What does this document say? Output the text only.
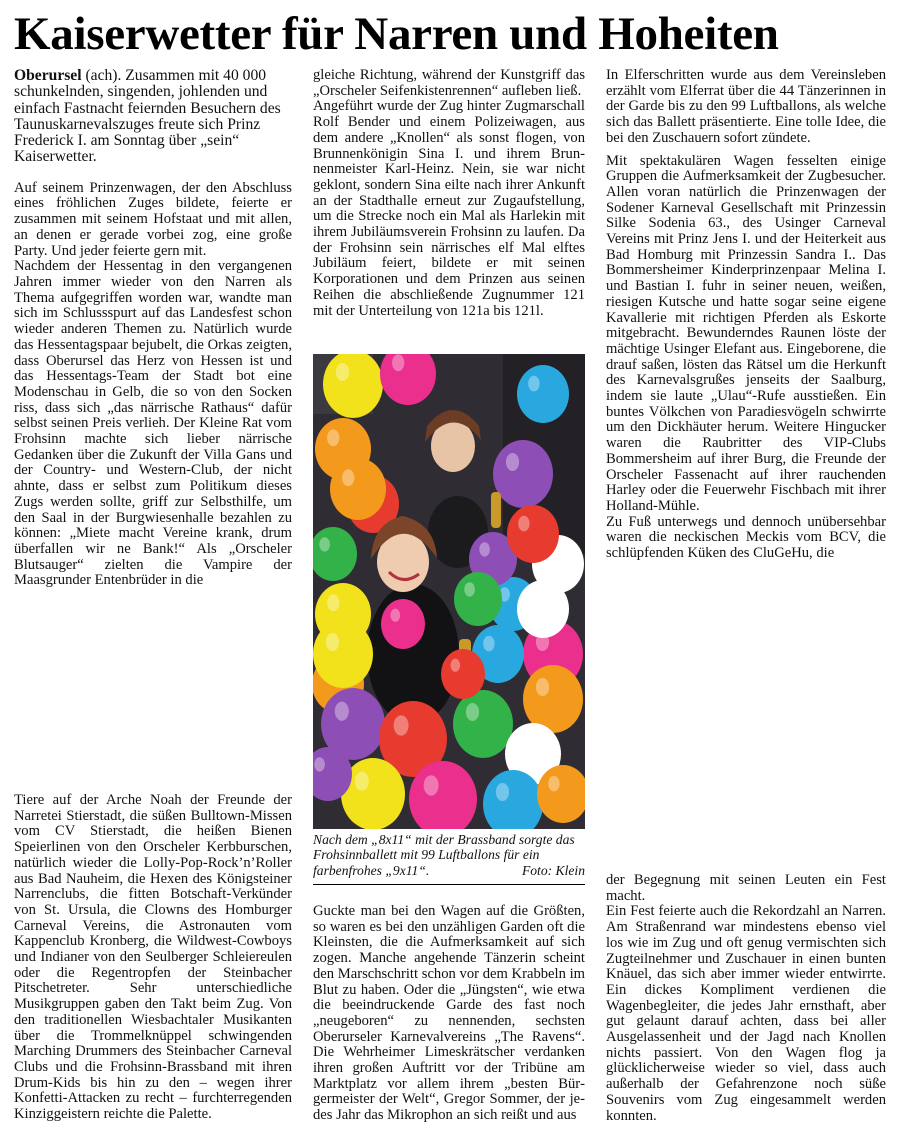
Kaiserwetter für Narren und Hoheiten

Oberursel (ach). Zusammen mit 40 000 schunkelnden, singenden, johlenden und einfach Fastnacht feiernden Besuchern des Taunuskarnevalszuges freute sich Prinz Frederick I. am Sonntag über „sein“ Kaiserwetter.

Auf seinem Prinzenwagen, der den Abschluss eines fröhlichen Zuges bildete, feierte er zusammen mit seinem Hofstaat und mit allen, an denen er gerade vorbei zog, eine große Party. Und jeder feierte gern mit.

Nachdem der Hessentag in den vergangenen Jahren immer wieder von den Narren als Thema aufgegriffen worden war, wandte man sich im Schlussspurt auf das Landesfest schon wieder anderen Themen zu. Natürlich wurde das Hessentagspaar bejubelt, die Orkas zeigten, dass Oberursel das Herz von Hessen ist und das Hessentags-Team der Stadt bot eine Modenschau in Gelb, die so von den Socken riss, dass sich „das närrische Rathaus“ dafür selbst seinen Preis verlieh. Der Kleine Rat vom Frohsinn machte sich lieber närrische Gedanken über die Zukunft der Villa Gans und der Country- und Western-Club, der nicht ahnte, dass er selbst zum Politikum dieses Zugs werden sollte, griff zur Selbsthilfe, um den Saal in der Burgwiesenhalle bezahlen zu können: „Miete macht Vereine krank, drum überfallen wir ne Bank!“ Als „Orscheler Blutsauger“ zielten die Vampire der Maasgrunder Entenbrüder in die

gleiche Richtung, während der Kunstgriff das „Orscheler Seifenkistenrennen“ aufleben ließ.

Angeführt wurde der Zug hinter Zugmarschall Rolf Bender und einem Polizeiwagen, aus dem andere „Knollen“ als sonst flogen, von Brunnenkönigin Sina I. und ihrem Brunnenmeister Karl-Heinz. Nein, sie war nicht geklont, sondern Sina eilte nach ihrer Ankunft an der Stadthalle erneut zur Zugaufstellung, um die Strecke noch ein Mal als Harlekin mit ihrem Jubiläumsverein Frohsinn zu laufen. Da der Frohsinn sein närrisches elf Mal elftes Jubiläum feiert, bildete er mit seinen Korporationen und dem Prinzen aus seinen Reihen die abschließende Zugnummer 121 mit der Unterteilung von 121a bis 121l.

In Elferschritten wurde aus dem Vereinsleben erzählt vom Elferrat über die 44 Tänzerinnen in der Garde bis zu den 99 Luftballons, als welche sich das Ballett präsentierte. Eine tolle Idee, die bei den Zuschauern sofort zündete.

Mit spektakulären Wagen fesselten einige Gruppen die Aufmerksamkeit der Zugbesucher. Allen voran natürlich die Prinzenwagen der Sodener Karneval Gesellschaft mit Prinzessin Silke Sodenia 63., des Usinger Carneval Vereins mit Prinz Jens I. und der Heiterkeit aus Bad Homburg mit Prinzessin Sandra I.. Das Bommersheimer Kinderprinzenpaar Melina I. und Bastian I. fuhr in seiner neuen, weißen, riesigen Kutsche und hatte sogar seine eigene Kavallerie mit richtigen Pferden als Eskorte mitgebracht. Bewunderndes Raunen löste der mächtige Usinger Elefant aus. Eingeborene, die drauf saßen, lösten das Rätsel um die Herkunft des Karnevalsgrußes jenseits der Saalburg, indem sie laute „Ulau“-Rufe ausstießen. Ein buntes Völkchen von Paradiesvögeln schwirrte um den Dickhäuter herum. Weitere Hingucker waren die Raubritter des VIP-Clubs Bommersheim auf ihrer Burg, die Freunde der Orscheler Fassenacht auf ihrer rauchenden Harley oder die Feuerwehr Fischbach mit ihrer Holland-Mühle.

Zu Fuß unterwegs und dennoch unübersehbar waren die neckischen Meckis vom BCV, die schlüpfenden Küken des CluGeHu, die

Nach dem „8x11“ mit der Brassband sorgte das Frohsinnballett mit 99 Luftballons für ein farbenfrohes „9x11“.	Foto: Klein

Tiere auf der Arche Noah der Freunde der Narretei Stierstadt, die süßen Bulltown-Missen vom CV Stierstadt, die heißen Bienen Speierlinen von den Orscheler Kerbburschen, natürlich wieder die Lolly-Pop-Rock’n’Roller aus Bad Nauheim, die Hexen des Königsteiner Narrenclubs, die fitten Botschaft-Verkünder von St. Ursula, die Clowns des Homburger Carneval Vereins, die Astronauten vom Kappenclub Kronberg, die Wildwest-Cowboys und Indianer von den Seulberger Schleiereulen oder die Regentropfen der Steinbacher Pitschetreter. Sehr unterschiedliche Musikgruppen gaben den Takt beim Zug. Von den traditionellen Wiesbachtaler Musikanten über die Trommelknüppel schwingenden Marching Drummers des Steinbacher Carneval Clubs und die Frohsinn-Brassband mit ihren Drum-Kids bis hin zu den – wegen ihrer Konfetti-Attacken zu recht – furchterregenden Kinziggeistern reichte die Palette.

Guckte man bei den Wagen auf die Größten, so waren es bei den unzähligen Garden oft die Kleinsten, die die Aufmerksamkeit auf sich zogen. Manche angehende Tänzerin scheint den Marschschritt schon vor dem Krabbeln im Blut zu haben. Oder die „Jüngsten“, wie etwa die beeindruckende Garde des fast noch „neugeboren“ zu nennenden, sechsten Oberurseler Karnevalvereins „The Ravens“. Die Wehrheimer Limeskrätscher verdanken ihren großen Auftritt vor der Tribüne am Marktplatz vor allem ihrem „besten Bürgermeister der Welt“, Gregor Sommer, der jedes Jahr das Mikrophon an sich reißt und aus

der Begegnung mit seinen Leuten ein Fest macht.

Ein Fest feierte auch die Rekordzahl an Narren. Am Straßenrand war mindestens ebenso viel los wie im Zug und oft genug vermischten sich Zugteilnehmer und Zuschauer in einen bunten Knäuel, das sich aber immer wieder entwirrte. Ein dickes Kompliment verdienen die Wagenbegleiter, die jedes Jahr ernsthaft, aber gut gelaunt darauf achten, dass bei aller Ausgelassenheit und der Jagd nach Knollen nichts passiert. Von den Wagen flog ja glücklicherweise wieder so viel, dass auch außerhalb der Gefahrenzone noch süße Souvenirs vom Zug eingesammelt werden konnten.
